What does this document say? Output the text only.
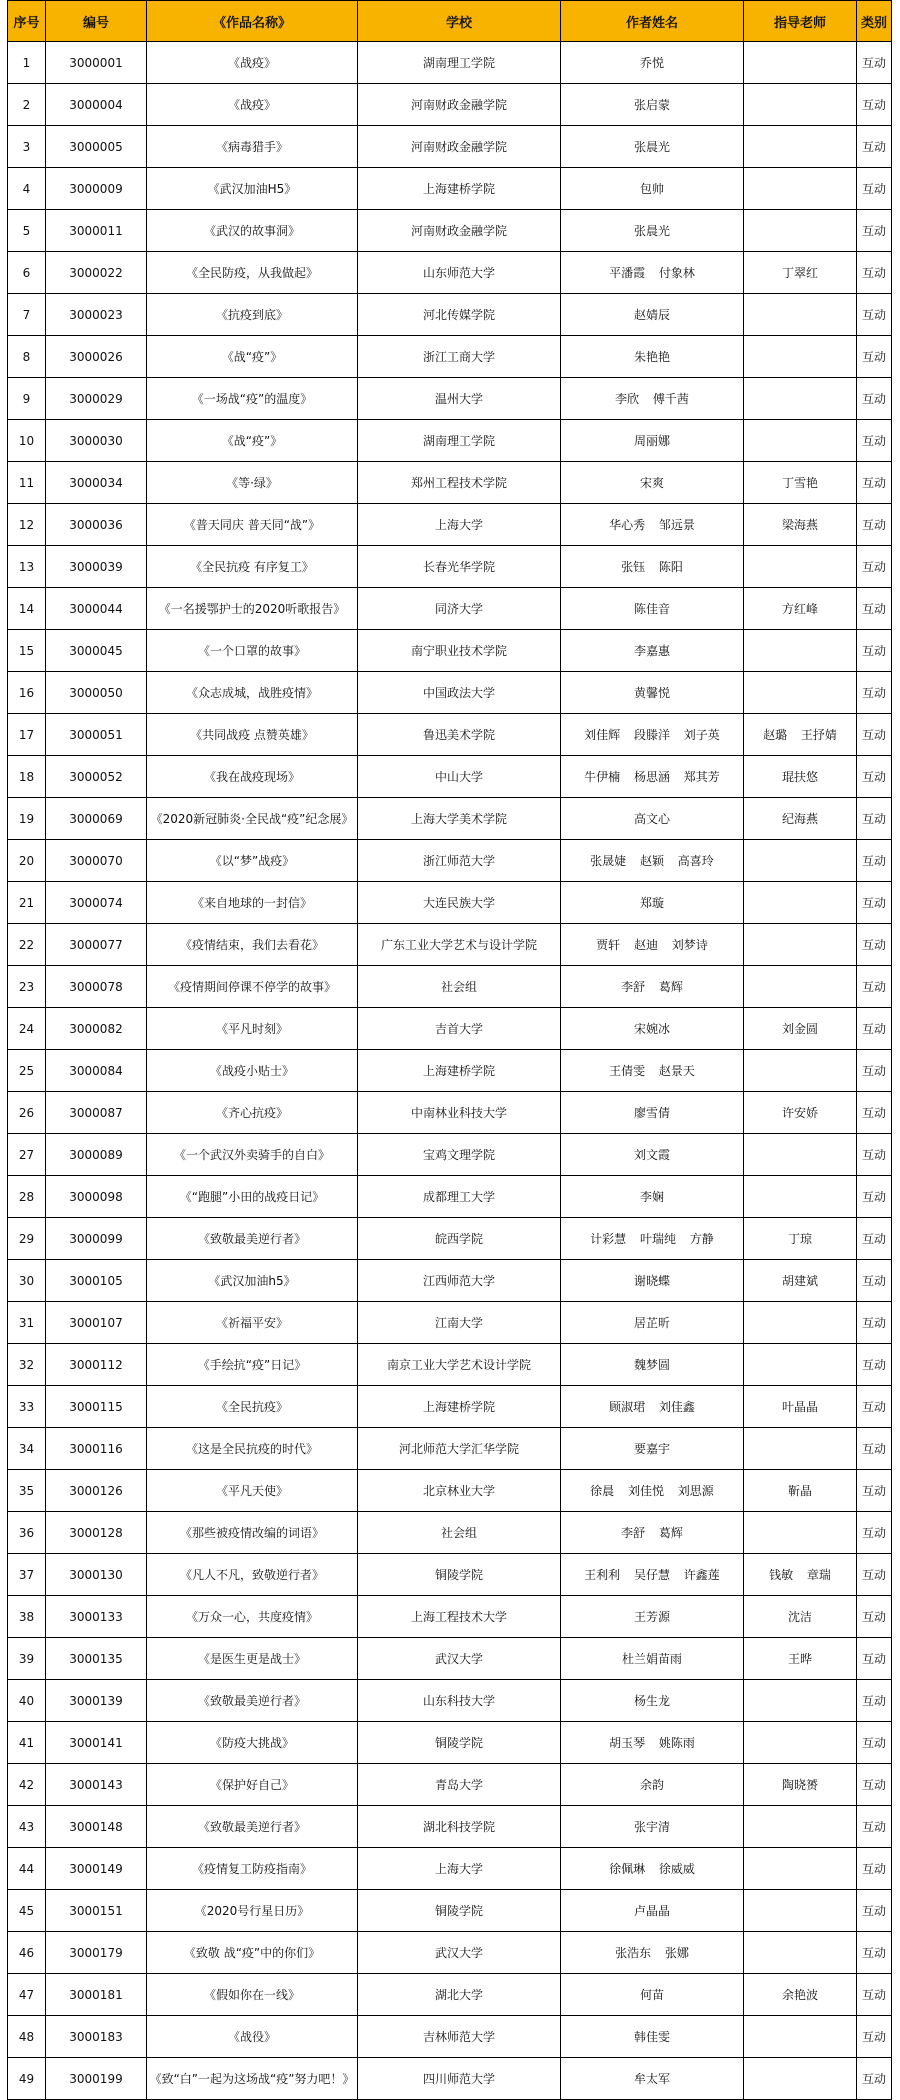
序号	编号	《作品名称》	学校	作者姓名	指导老师	类别
1	3000001	《战疫》	湖南理工学院	乔悦		互动
2	3000004	《战疫》	河南财政金融学院	张启蒙		互动
3	3000005	《病毒猎手》	河南财政金融学院	张晨光		互动
4	3000009	《武汉加油H5》	上海建桥学院	包帅		互动
5	3000011	《武汉的故事洞》	河南财政金融学院	张晨光		互动
6	3000022	《全民防疫，从我做起》	山东师范大学	平潘霞 付象林	丁翠红	互动
7	3000023	《抗疫到底》	河北传媒学院	赵婧辰		互动
8	3000026	《战“疫”》	浙江工商大学	朱艳艳		互动
9	3000029	《一场战“疫”的温度》	温州大学	李欣 傅千茜		互动
10	3000030	《战“疫”》	湖南理工学院	周丽娜		互动
11	3000034	《等·绿》	郑州工程技术学院	宋爽	丁雪艳	互动
12	3000036	《普天同庆 普天同“战”》	上海大学	华心秀 邹远景	梁海燕	互动
13	3000039	《全民抗疫 有序复工》	长春光华学院	张钰 陈阳		互动
14	3000044	《一名援鄂护士的2020听歌报告》	同济大学	陈佳音	方红峰	互动
15	3000045	《一个口罩的故事》	南宁职业技术学院	李嘉惠		互动
16	3000050	《众志成城，战胜疫情》	中国政法大学	黄馨悦		互动
17	3000051	《共同战疫 点赞英雄》	鲁迅美术学院	刘佳辉 段滕洋 刘子英	赵璐 王抒婧	互动
18	3000052	《我在战疫现场》	中山大学	牛伊楠 杨思涵 郑其芳	琨扶悠	互动
19	3000069	《2020新冠肺炎·全民战“疫”纪念展》	上海大学美术学院	高文心	纪海燕	互动
20	3000070	《以“梦”战疫》	浙江师范大学	张晟婕 赵颖 高喜玲		互动
21	3000074	《来自地球的一封信》	大连民族大学	郑璇		互动
22	3000077	《疫情结束，我们去看花》	广东工业大学艺术与设计学院	贾轩 赵迪 刘梦诗		互动
23	3000078	《疫情期间停课不停学的故事》	社会组	李舒 葛辉		互动
24	3000082	《平凡时刻》	吉首大学	宋婉冰	刘金圆	互动
25	3000084	《战疫小贴士》	上海建桥学院	王倩雯 赵景天		互动
26	3000087	《齐心抗疫》	中南林业科技大学	廖雪倩	许安娇	互动
27	3000089	《一个武汉外卖骑手的自白》	宝鸡文理学院	刘文霞		互动
28	3000098	《“跑腿”小田的战疫日记》	成都理工大学	李娴		互动
29	3000099	《致敬最美逆行者》	皖西学院	计彩慧 叶瑞纯 方静	丁琼	互动
30	3000105	《武汉加油h5》	江西师范大学	谢晓蝶	胡建斌	互动
31	3000107	《祈福平安》	江南大学	居芷昕		互动
32	3000112	《手绘抗“疫”日记》	南京工业大学艺术设计学院	魏梦圆		互动
33	3000115	《全民抗疫》	上海建桥学院	顾淑珺 刘佳鑫	叶晶晶	互动
34	3000116	《这是全民抗疫的时代》	河北师范大学汇华学院	要嘉宇		互动
35	3000126	《平凡天使》	北京林业大学	徐晨 刘佳悦 刘思源	靳晶	互动
36	3000128	《那些被疫情改编的词语》	社会组	李舒 葛辉		互动
37	3000130	《凡人不凡，致敬逆行者》	铜陵学院	王利利 吴仔慧 许鑫莲	钱敏 章瑞	互动
38	3000133	《万众一心，共度疫情》	上海工程技术大学	王芳源	沈洁	互动
39	3000135	《是医生更是战士》	武汉大学	杜兰娟苗雨	王晔	互动
40	3000139	《致敬最美逆行者》	山东科技大学	杨生龙		互动
41	3000141	《防疫大挑战》	铜陵学院	胡玉琴 姚陈雨		互动
42	3000143	《保护好自己》	青岛大学	余韵	陶晓赟	互动
43	3000148	《致敬最美逆行者》	湖北科技学院	张宇清		互动
44	3000149	《疫情复工防疫指南》	上海大学	徐佩琳 徐威威		互动
45	3000151	《2020号行星日历》	铜陵学院	卢晶晶		互动
46	3000179	《致敬 战“疫”中的你们》	武汉大学	张浩东 张娜		互动
47	3000181	《假如你在一线》	湖北大学	何苗	余艳波	互动
48	3000183	《战役》	吉林师范大学	韩佳雯		互动
49	3000199	《致“白”一起为这场战“疫”努力吧！》	四川师范大学	牟太军		互动
